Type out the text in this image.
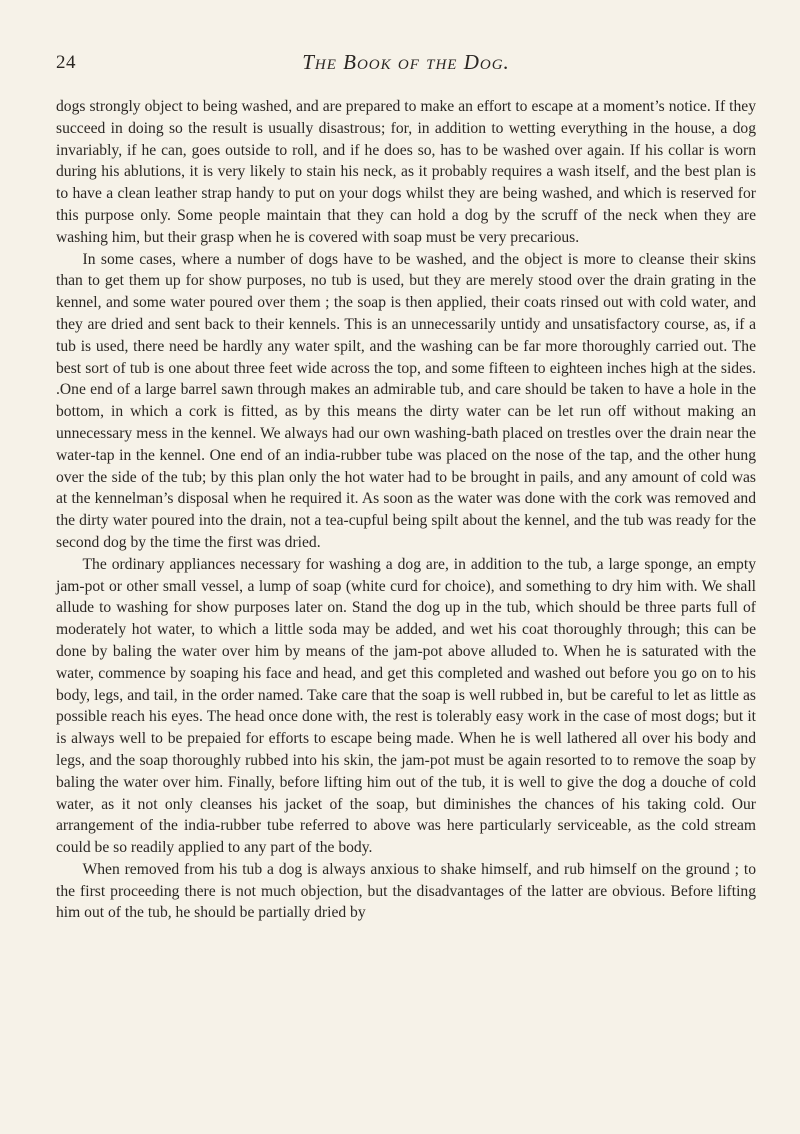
24	The Book of the Dog.

dogs strongly object to being washed, and are prepared to make an effort to escape at a moment’s notice. If they succeed in doing so the result is usually disastrous; for, in addition to wetting everything in the house, a dog invariably, if he can, goes outside to roll, and if he does so, has to be washed over again. If his collar is worn during his ablutions, it is very likely to stain his neck, as it probably requires a wash itself, and the best plan is to have a clean leather strap handy to put on your dogs whilst they are being washed, and which is reserved for this purpose only. Some people maintain that they can hold a dog by the scruff of the neck when they are washing him, but their grasp when he is covered with soap must be very precarious.

In some cases, where a number of dogs have to be washed, and the object is more to cleanse their skins than to get them up for show purposes, no tub is used, but they are merely stood over the drain grating in the kennel, and some water poured over them ; the soap is then applied, their coats rinsed out with cold water, and they are dried and sent back to their kennels. This is an unnecessarily untidy and unsatisfactory course, as, if a tub is used, there need be hardly any water spilt, and the washing can be far more thoroughly carried out. The best sort of tub is one about three feet wide across the top, and some fifteen to eighteen inches high at the sides. .One end of a large barrel sawn through makes an admirable tub, and care should be taken to have a hole in the bottom, in which a cork is fitted, as by this means the dirty water can be let run off without making an unnecessary mess in the kennel. We always had our own washing-bath placed on trestles over the drain near the water-tap in the kennel. One end of an india-rubber tube was placed on the nose of the tap, and the other hung over the side of the tub; by this plan only the hot water had to be brought in pails, and any amount of cold was at the kennelman’s disposal when he required it. As soon as the water was done with the cork was removed and the dirty water poured into the drain, not a tea-cupful being spilt about the kennel, and the tub was ready for the second dog by the time the first was dried.

The ordinary appliances necessary for washing a dog are, in addition to the tub, a large sponge, an empty jam-pot or other small vessel, a lump of soap (white curd for choice), and something to dry him with. We shall allude to washing for show purposes later on. Stand the dog up in the tub, which should be three parts full of moderately hot water, to which a little soda may be added, and wet his coat thoroughly through; this can be done by baling the water over him by means of the jam-pot above alluded to. When he is saturated with the water, commence by soaping his face and head, and get this completed and washed out before you go on to his body, legs, and tail, in the order named. Take care that the soap is well rubbed in, but be careful to let as little as possible reach his eyes. The head once done with, the rest is tolerably easy work in the case of most dogs; but it is always well to be prepaied for efforts to escape being made. When he is well lathered all over his body and legs, and the soap thoroughly rubbed into his skin, the jam-pot must be again resorted to to remove the soap by baling the water over him. Finally, before lifting him out of the tub, it is well to give the dog a douche of cold water, as it not only cleanses his jacket of the soap, but diminishes the chances of his taking cold. Our arrangement of the india-rubber tube referred to above was here particularly serviceable, as the cold stream could be so readily applied to any part of the body.

When removed from his tub a dog is always anxious to shake himself, and rub himself on the ground ; to the first proceeding there is not much objection, but the disadvantages of the latter are obvious. Before lifting him out of the tub, he should be partially dried by
